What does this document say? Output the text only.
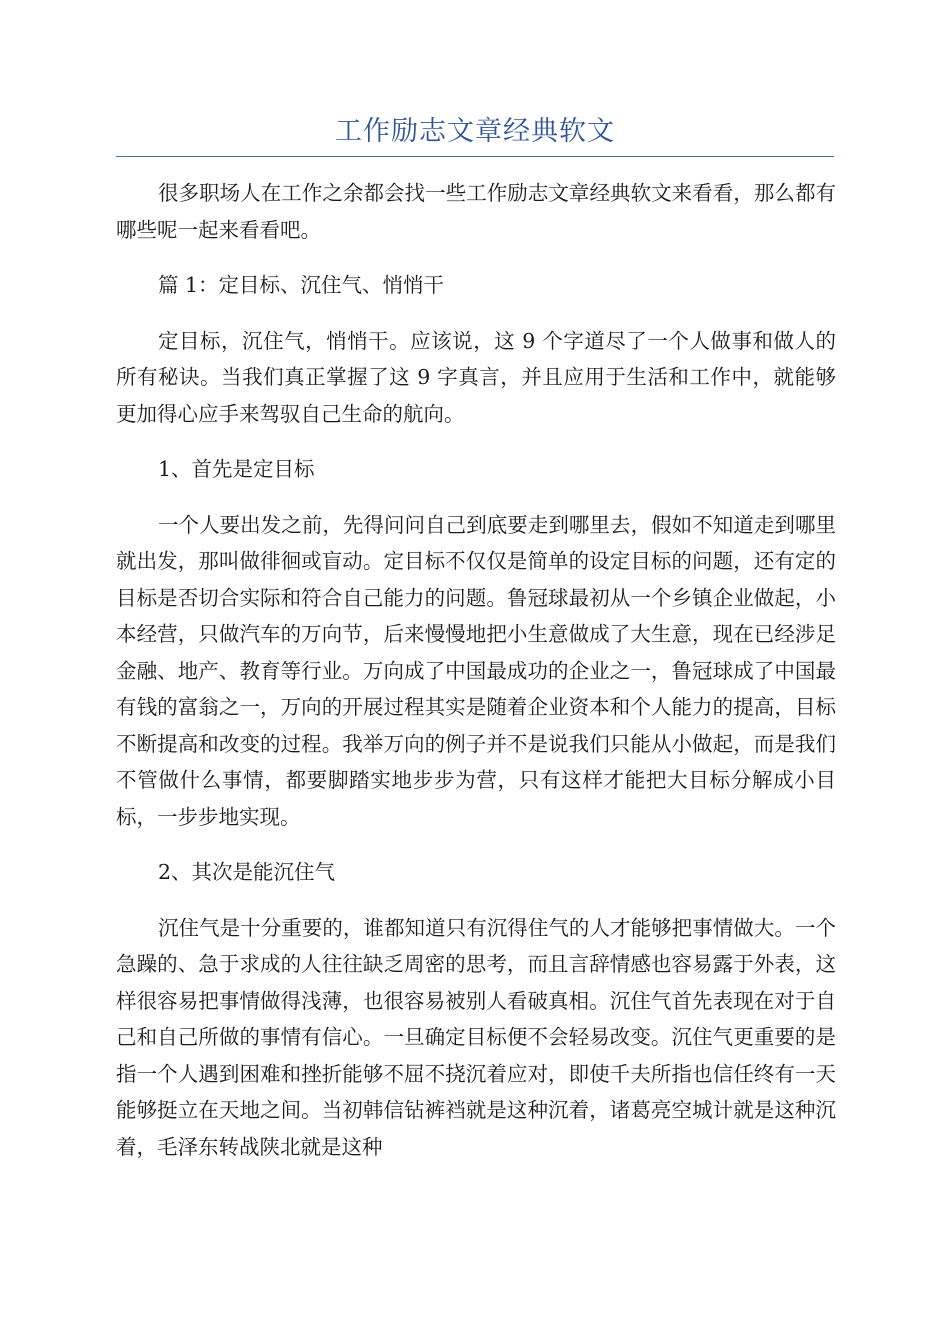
工作励志文章经典软文

很多职场人在工作之余都会找一些工作励志文章经典软文来看看，那么都有哪些呢一起来看看吧。

篇 1：定目标、沉住气、悄悄干

定目标，沉住气，悄悄干。应该说，这 9 个字道尽了一个人做事和做人的所有秘诀。当我们真正掌握了这 9 字真言，并且应用于生活和工作中，就能够更加得心应手来驾驭自己生命的航向。

1、首先是定目标

一个人要出发之前，先得问问自己到底要走到哪里去，假如不知道走到哪里就出发，那叫做徘徊或盲动。定目标不仅仅是简单的设定目标的问题，还有定的目标是否切合实际和符合自己能力的问题。鲁冠球最初从一个乡镇企业做起，小本经营，只做汽车的万向节，后来慢慢地把小生意做成了大生意，现在已经涉足金融、地产、教育等行业。万向成了中国最成功的企业之一，鲁冠球成了中国最有钱的富翁之一，万向的开展过程其实是随着企业资本和个人能力的提高，目标不断提高和改变的过程。我举万向的例子并不是说我们只能从小做起，而是我们不管做什么事情，都要脚踏实地步步为营，只有这样才能把大目标分解成小目标，一步步地实现。

2、其次是能沉住气

沉住气是十分重要的，谁都知道只有沉得住气的人才能够把事情做大。一个急躁的、急于求成的人往往缺乏周密的思考，而且言辞情感也容易露于外表，这样很容易把事情做得浅薄，也很容易被别人看破真相。沉住气首先表现在对于自己和自己所做的事情有信心。一旦确定目标便不会轻易改变。沉住气更重要的是指一个人遇到困难和挫折能够不屈不挠沉着应对，即使千夫所指也信任终有一天能够挺立在天地之间。当初韩信钻裤裆就是这种沉着，诸葛亮空城计就是这种沉着，毛泽东转战陕北就是这种
